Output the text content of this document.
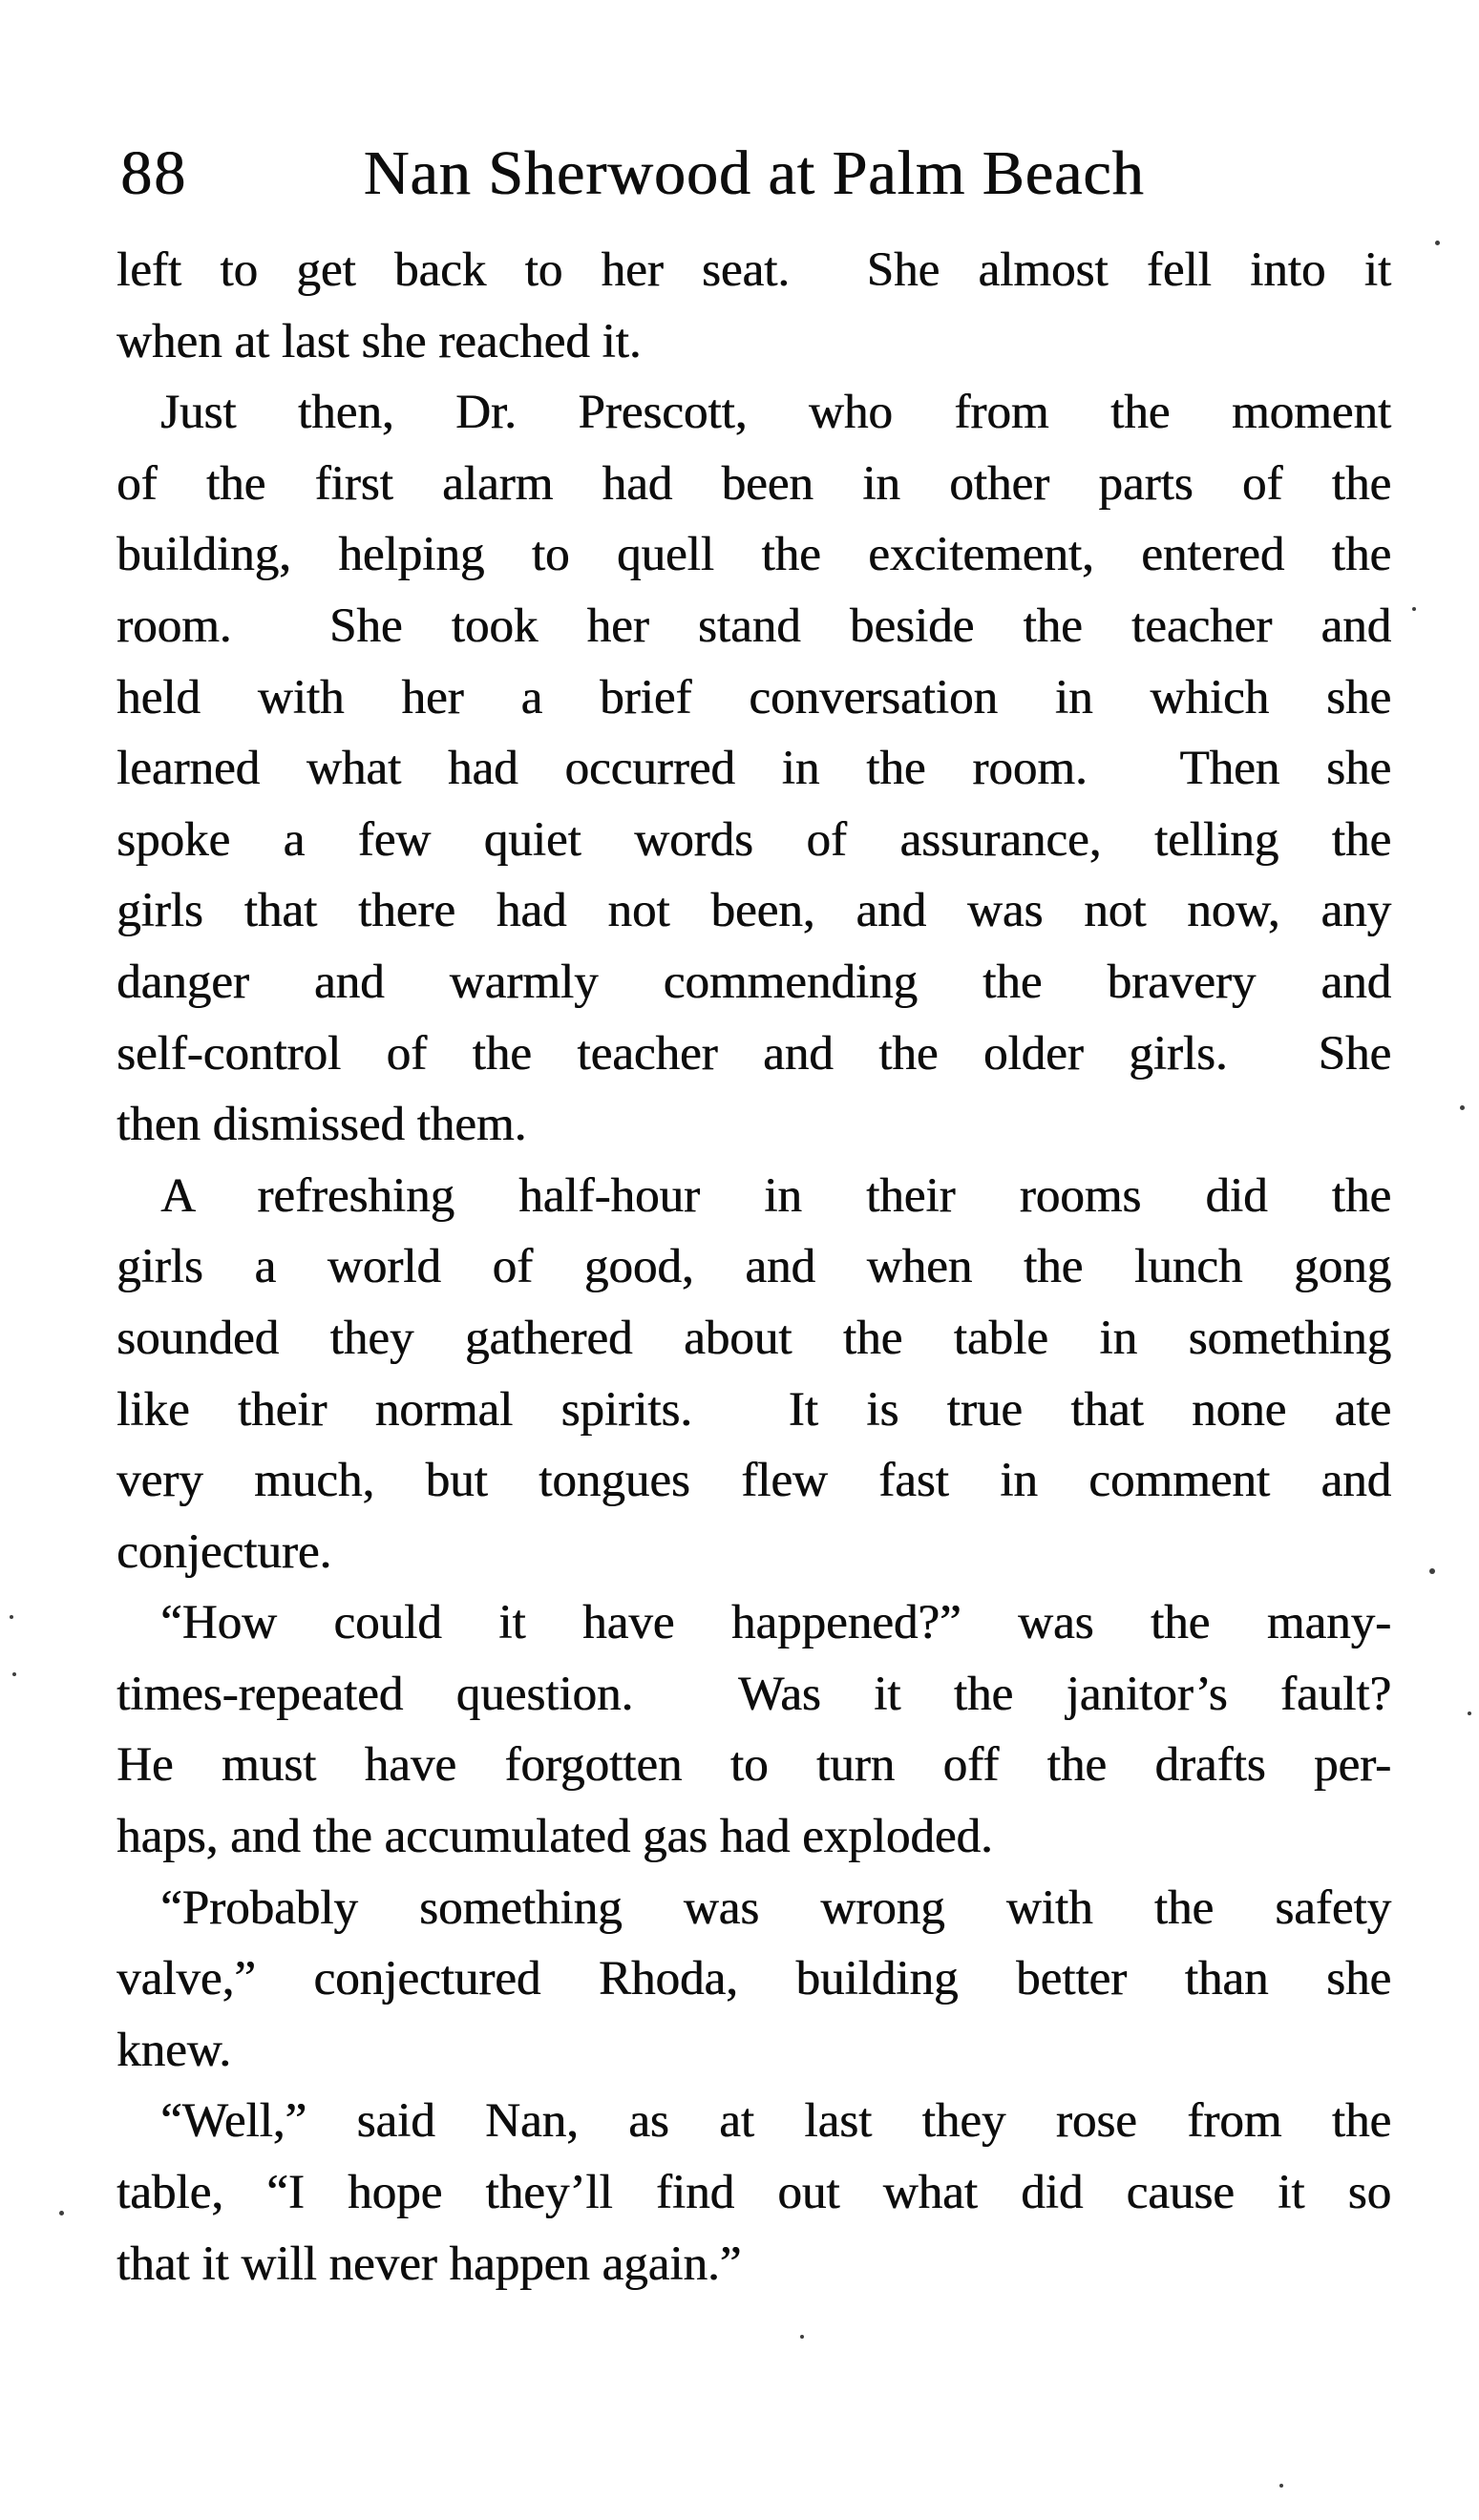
88	Nan Sherwood at Palm Beach
left to get back to her seat.  She almost fell into it
when at last she reached it.
Just then, Dr. Prescott, who from the moment
of the first alarm had been in other parts of the
building, helping to quell the excitement, entered the
room.  She took her stand beside the teacher and
held with her a brief conversation in which she
learned what had occurred in the room.  Then she
spoke a few quiet words of assurance, telling the
girls that there had not been, and was not now, any
danger and warmly commending the bravery and
self-control of the teacher and the older girls.  She
then dismissed them.
A refreshing half-hour in their rooms did the
girls a world of good, and when the lunch gong
sounded they gathered about the table in something
like their normal spirits.  It is true that none ate
very much, but tongues flew fast in comment and
conjecture.
“How could it have happened?” was the many-
times-repeated question.  Was it the janitor’s fault?
He must have forgotten to turn off the drafts per-
haps, and the accumulated gas had exploded.
“Probably something was wrong with the safety
valve,” conjectured Rhoda, building better than she
knew.
“Well,” said Nan, as at last they rose from the
table, “I hope they’ll find out what did cause it so
that it will never happen again.”
